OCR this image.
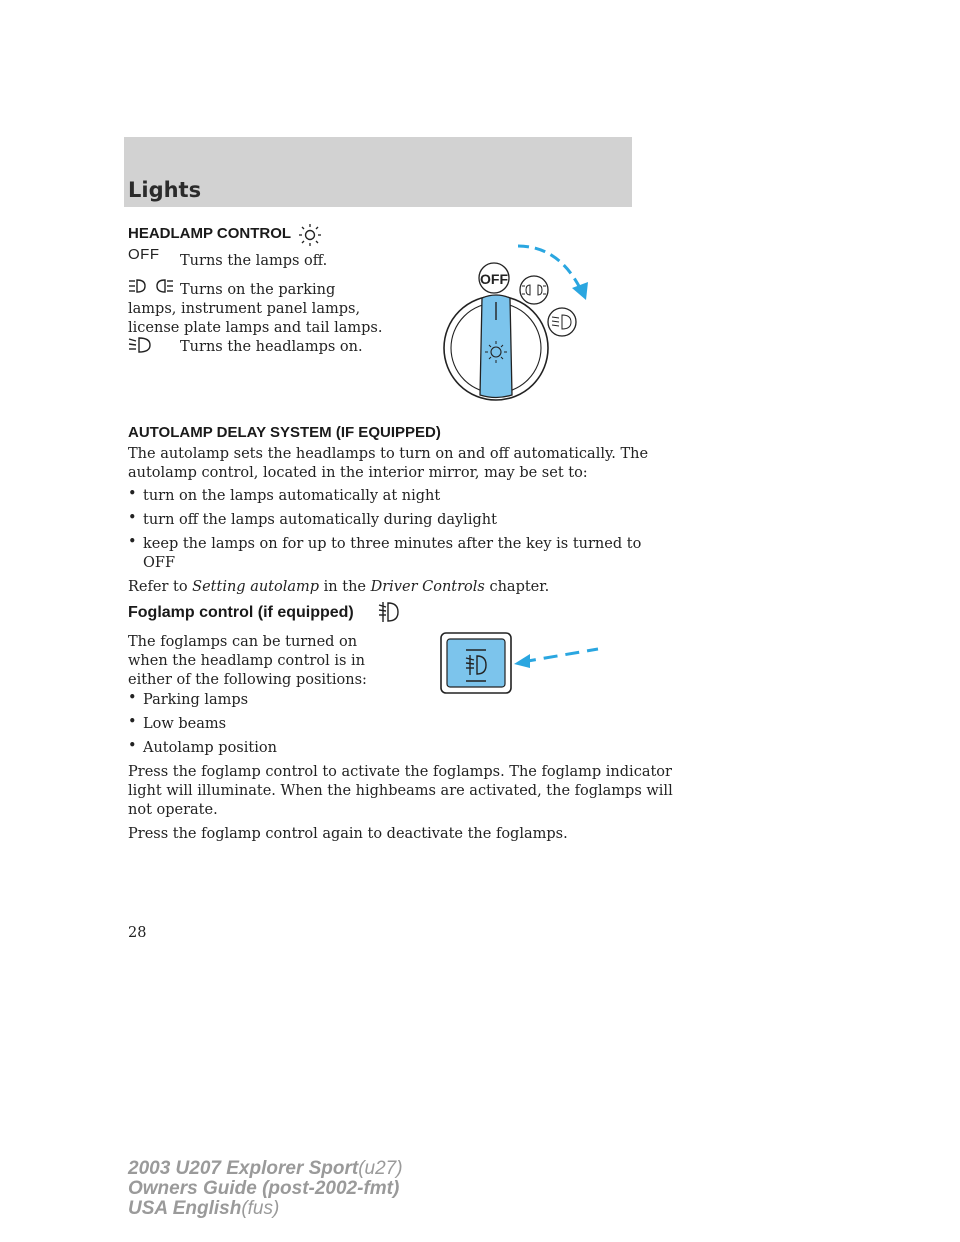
Lights
HEADLAMP CONTROL
OFF Turns the lamps off.
Turns on the parking
lamps, instrument panel lamps,
license plate lamps and tail lamps.
Turns the headlamps on.
OFF
AUTOLAMP DELAY SYSTEM (IF EQUIPPED)
The autolamp sets the headlamps to turn on and off automatically. The
autolamp control, located in the interior mirror, may be set to:
• turn on the lamps automatically at night
• turn off the lamps automatically during daylight
• keep the lamps on for up to three minutes after the key is turned to
OFF
Refer to Setting autolamp in the Driver Controls chapter.
Foglamp control (if equipped)
The foglamps can be turned on
when the headlamp control is in
either of the following positions:
• Parking lamps
• Low beams
• Autolamp position
Press the foglamp control to activate the foglamps. The foglamp indicator
light will illuminate. When the highbeams are activated, the foglamps will
not operate.
Press the foglamp control again to deactivate the foglamps.
28
2003 U207 Explorer Sport(u27)
Owners Guide (post-2002-fmt)
USA English(fus)
